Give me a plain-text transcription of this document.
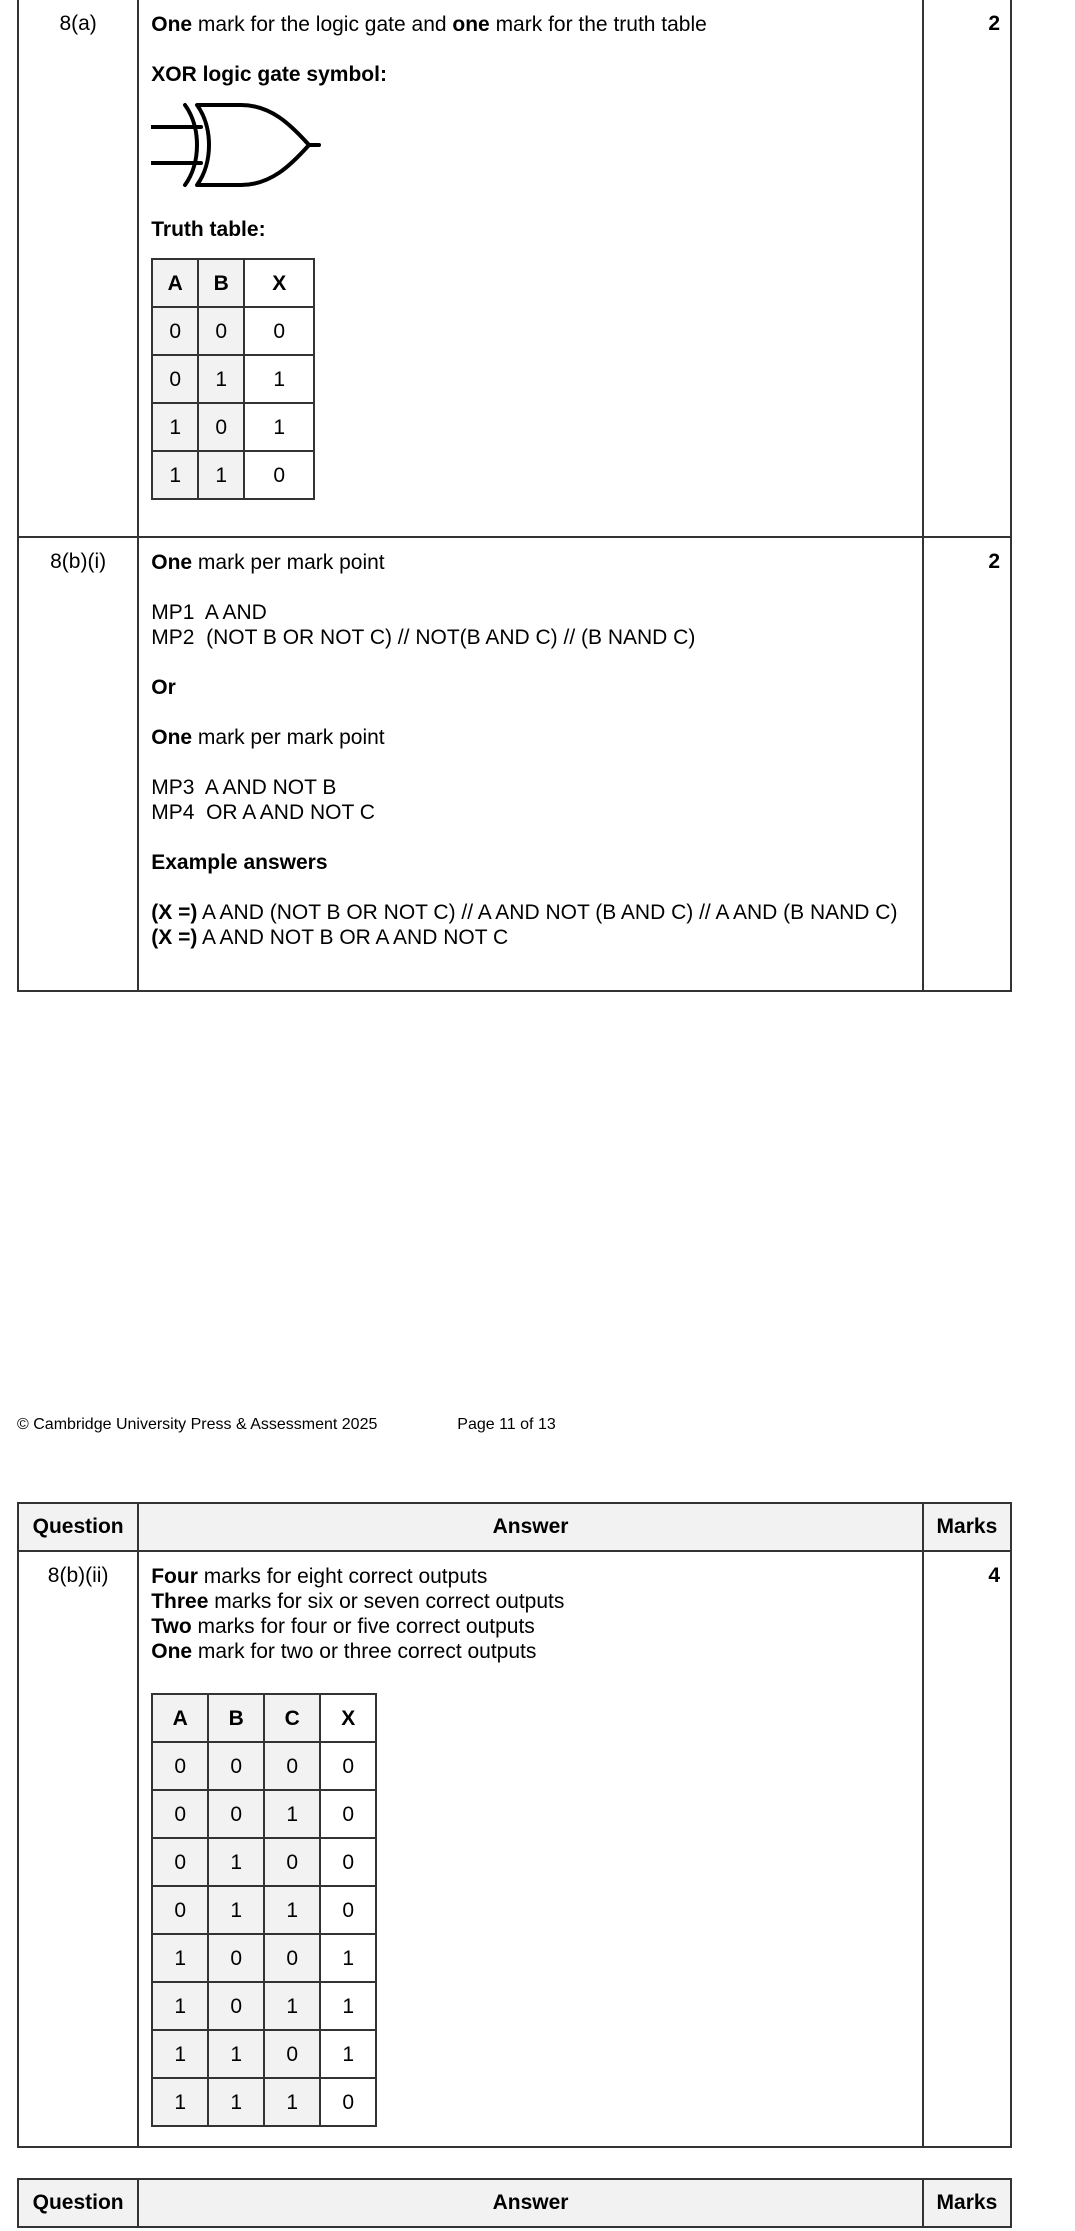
8(a)	One mark for the logic gate and one mark for the truth table
XOR logic gate symbol:
Truth table:
A	B	X
0	0	0
0	1	1
1	0	1
1	1	0
	2
8(b)(i)	One mark per mark point
MP1  A AND
MP2  (NOT B OR NOT C) // NOT(B AND C) // (B NAND C)
Or
One mark per mark point
MP3  A AND NOT B
MP4  OR A AND NOT C
Example answers
(X =) A AND (NOT B OR NOT C) // A AND NOT (B AND C) // A AND (B NAND C)
(X =) A AND NOT B OR A AND NOT C
	2
© Cambridge University Press & Assessment 2025	Page 11 of 13
Question	Answer	Marks
8(b)(ii)	Four marks for eight correct outputs
Three marks for six or seven correct outputs
Two marks for four or five correct outputs
One mark for two or three correct outputs
A	B	C	X
0	0	0	0
0	0	1	0
0	1	0	0
0	1	1	0
1	0	0	1
1	0	1	1
1	1	0	1
1	1	1	0
	4
Question	Answer	Marks
